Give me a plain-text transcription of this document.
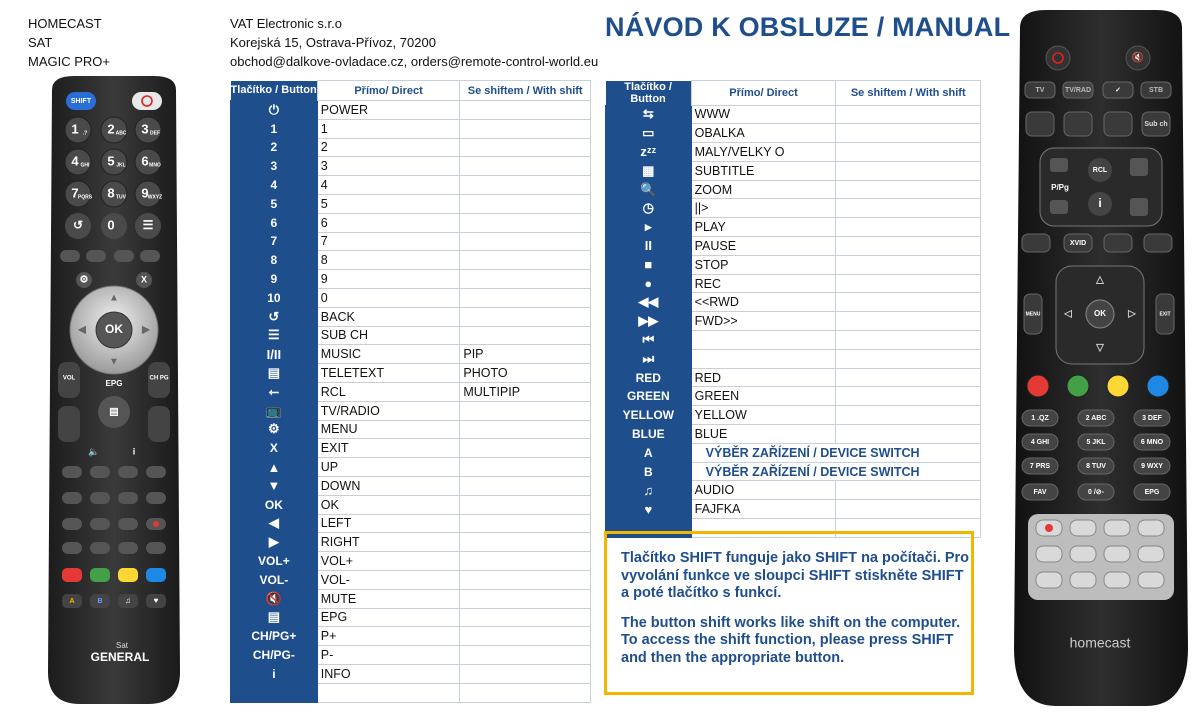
HOMECAST
SAT
MAGIC PRO+
VAT Electronic s.r.o
Korejská 15, Ostrava-Přívoz, 70200
obchod@dalkove-ovladace.cz, orders@remote-control-world.eu
NÁVOD K OBSLUZE / MANUAL
Tlačítko / Button	Přímo/ Direct	Se shiftem / With shift
⏻	POWER	
1	1	
2	2	
3	3	
4	4	
5	5	
6	6	
7	7	
8	8	
9	9	
10	0	
↺	BACK	
☰	SUB CH	
I/II	MUSIC	PIP
▤	TELETEXT	PHOTO
⭠	RCL	MULTIPIP
📺	TV/RADIO	
⚙	MENU	
X	EXIT	
▲	UP	
▼	DOWN	
OK	OK	
◀	LEFT	
▶	RIGHT	
VOL+	VOL+	
VOL-	VOL-	
🔇	MUTE	
▤	EPG	
CH/PG+	P+	
CH/PG-	P-	
i	INFO	

Tlačítko / Button	Přímo/ Direct	Se shiftem / With shift
⇆	WWW	
▭	OBALKA	
zᶻᶻ	MALY/VELKY O	
▦	SUBTITLE	
🔍	ZOOM	
◷	||>	
▸	PLAY	
II	PAUSE	
■	STOP	
●	REC	
◀◀	<<RWD	
▶▶	FWD>>	
⏮		
⏭		
RED	RED	
GREEN	GREEN	
YELLOW	YELLOW	
BLUE	BLUE	
A	VÝBĚR ZAŘÍZENÍ / DEVICE SWITCH	
B	VÝBĚR ZAŘÍZENÍ / DEVICE SWITCH	
♫	AUDIO	
♥	FAJFKA	

Tlačítko SHIFT funguje jako SHIFT na počítači. Pro vyvolání funkce ve sloupci SHIFT stiskněte SHIFT a poté tlačítko s funkcí.

The button shift works like shift on the computer. To access the shift function, please press SHIFT and then the appropriate button.

SHIFT
1 .? 2 ABC 3 DEF
4 GHI 5 JKL 6 MNO
7 PQRS 8 TUV 9 WXYZ
↺ 0 ☰
⚙	X
OK
▲
▼
◀	▶
VOL	CH PG
EPG
▤
🔈	i
A	B	♫	♥
Sat
GENERAL
🔇
TV	TV/RAD	✓	STB
Sub ch
RCL
i
P/Pg
XVID
OK
△
▽
◁	▷
MENU	EXIT
1 .QZ	2 ABC	3 DEF
4 GHI	5 JKL	6 MNO
7 PRS	8 TUV	9 WXY
FAV	0 /⊘-	EPG
homecast
